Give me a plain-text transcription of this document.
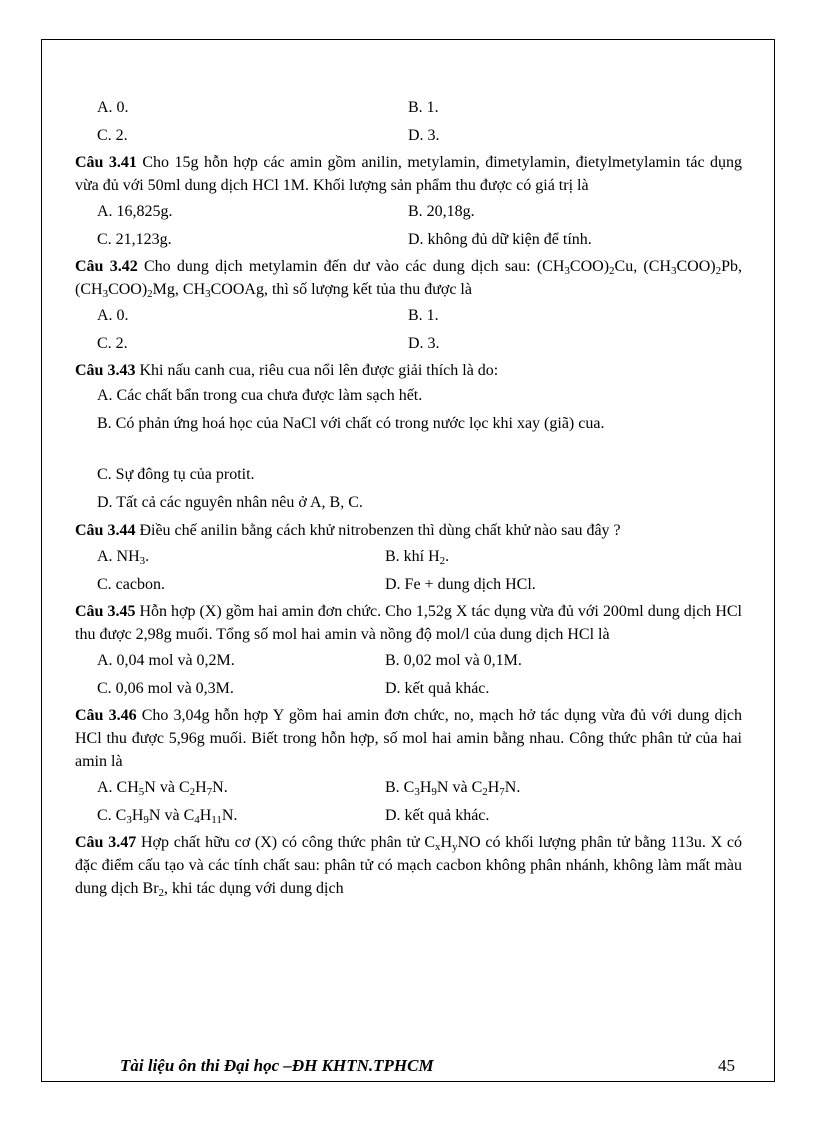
A. 0.	B. 1.
C. 2.	D. 3.
Câu 3.41 Cho 15g hỗn hợp các amin gồm anilin, metylamin, đimetylamin, đietylmetylamin tác dụng vừa đủ với 50ml dung dịch HCl 1M. Khối lượng sản phẩm thu được có giá trị là
A. 16,825g.	B. 20,18g.
C. 21,123g.	D. không đủ dữ kiện để tính.
Câu 3.42 Cho dung dịch metylamin đến dư vào các dung dịch sau: $(CH_3COO)_2Cu$, $(CH_3COO)_2Pb$, $(CH_3COO)_2Mg$, $CH_3COOAg$, thì số lượng kết tủa thu được là
A. 0.	B. 1.
C. 2.	D. 3.
Câu 3.43 Khi nấu canh cua, riêu cua nổi lên được giải thích là do:
A. Các chất bẩn trong cua chưa được làm sạch hết.
B. Có phản ứng hoá học của NaCl với chất có trong nước lọc khi xay (giã) cua.
C. Sự đông tụ của protit.
D. Tất cả các nguyên nhân nêu ở A, B, C.
Câu 3.44 Điều chế anilin bằng cách khử nitrobenzen thì dùng chất khử nào sau đây ?
A. $NH_3$.	B. khí $H_2$.
C. cacbon.	D. Fe + dung dịch HCl.
Câu 3.45 Hỗn hợp (X) gồm hai amin đơn chức. Cho 1,52g X tác dụng vừa đủ với 200ml dung dịch HCl thu được 2,98g muối. Tổng số mol hai amin và nồng độ mol/l của dung dịch HCl là
A. 0,04 mol và 0,2M.	B. 0,02 mol và 0,1M.
C. 0,06 mol và 0,3M.	D. kết quả khác.
Câu 3.46 Cho 3,04g hỗn hợp Y gồm hai amin đơn chức, no, mạch hở tác dụng vừa đủ với dung dịch HCl thu được 5,96g muối. Biết trong hỗn hợp, số mol hai amin bằng nhau. Công thức phân tử của hai amin là
A. $CH_5N$ và $C_2H_7N$.	B. $C_3H_9N$ và $C_2H_7N$.
C. $C_3H_9N$ và $C_4H_{11}N$.	D. kết quả khác.
Câu 3.47 Hợp chất hữu cơ (X) có công thức phân tử $C_xH_yNO$ có khối lượng phân tử bằng 113u. X có đặc điểm cấu tạo và các tính chất sau: phân tử có mạch cacbon không phân nhánh, không làm mất màu dung dịch $Br_2$, khi tác dụng với dung dịch
Tài liệu ôn thi Đại học –ĐH KHTN.TPHCM	45
